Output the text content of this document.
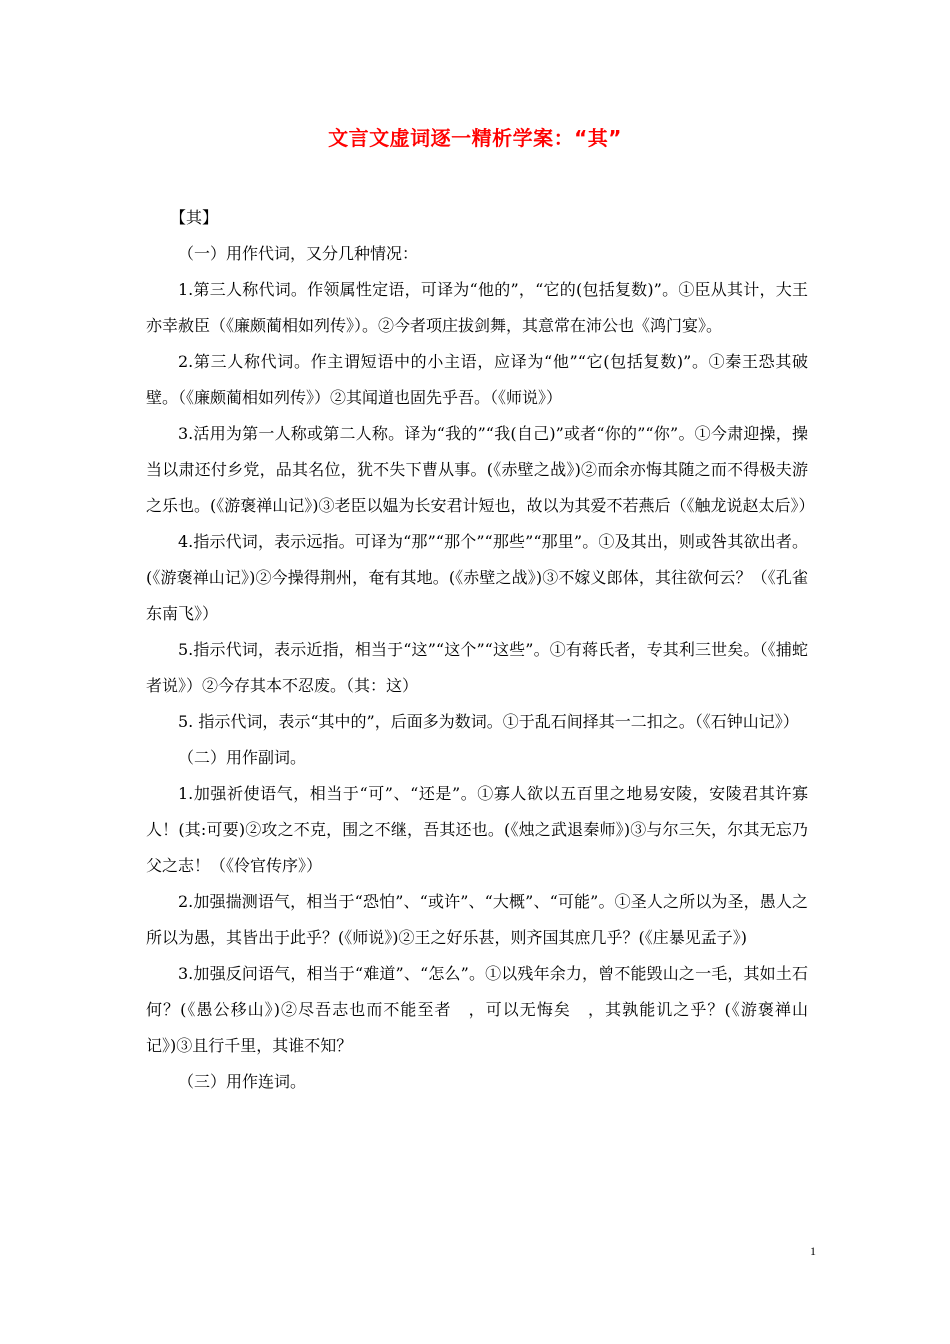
文言文虚词逐一精析学案：“其”

【其】

（一）用作代词，又分几种情况：

1.第三人称代词。作领属性定语，可译为“他的”，“它的(包括复数)”。①臣从其计，大王亦幸赦臣（《廉颇蔺相如列传》）。②今者项庄拔剑舞，其意常在沛公也《鸿门宴》。

2.第三人称代词。作主谓短语中的小主语，应译为“他”“它(包括复数)”。①秦王恐其破壁。（《廉颇蔺相如列传》）②其闻道也固先乎吾。（《师说》）

3.活用为第一人称或第二人称。译为“我的”“我(自己)”或者“你的”“你”。①今肃迎操，操当以肃还付乡党，品其名位，犹不失下曹从事。(《赤壁之战》)②而余亦悔其随之而不得极夫游之乐也。(《游褒禅山记》)③老臣以媪为长安君计短也，故以为其爱不若燕后（《触龙说赵太后》）

4.指示代词，表示远指。可译为“那”“那个”“那些”“那里”。①及其出，则或咎其欲出者。(《游褒禅山记》)②今操得荆州，奄有其地。(《赤壁之战》)③不嫁义郎体，其往欲何云？（《孔雀东南飞》）

5.指示代词，表示近指，相当于“这”“这个”“这些”。①有蒋氏者，专其利三世矣。（《捕蛇者说》）②今存其本不忍废。（其：这）

5. 指示代词，表示“其中的”，后面多为数词。①于乱石间择其一二扣之。（《石钟山记》）

（二）用作副词。

1.加强祈使语气，相当于“可”、“还是”。①寡人欲以五百里之地易安陵，安陵君其许寡人！(其:可要)②攻之不克，围之不继，吾其还也。(《烛之武退秦师》)③与尔三矢，尔其无忘乃父之志！（《伶官传序》）

2.加强揣测语气，相当于“恐怕”、“或许”、“大概”、“可能”。①圣人之所以为圣，愚人之所以为愚，其皆出于此乎？(《师说》)②王之好乐甚，则齐国其庶几乎？(《庄暴见孟子》)

3.加强反问语气，相当于“难道”、“怎么”。①以残年余力，曾不能毁山之一毛，其如土石何？(《愚公移山》)②尽吾志也而不能至者　，可以无悔矣　，其孰能讥之乎？(《游褒禅山记》)③且行千里，其谁不知？

（三）用作连词。

1
